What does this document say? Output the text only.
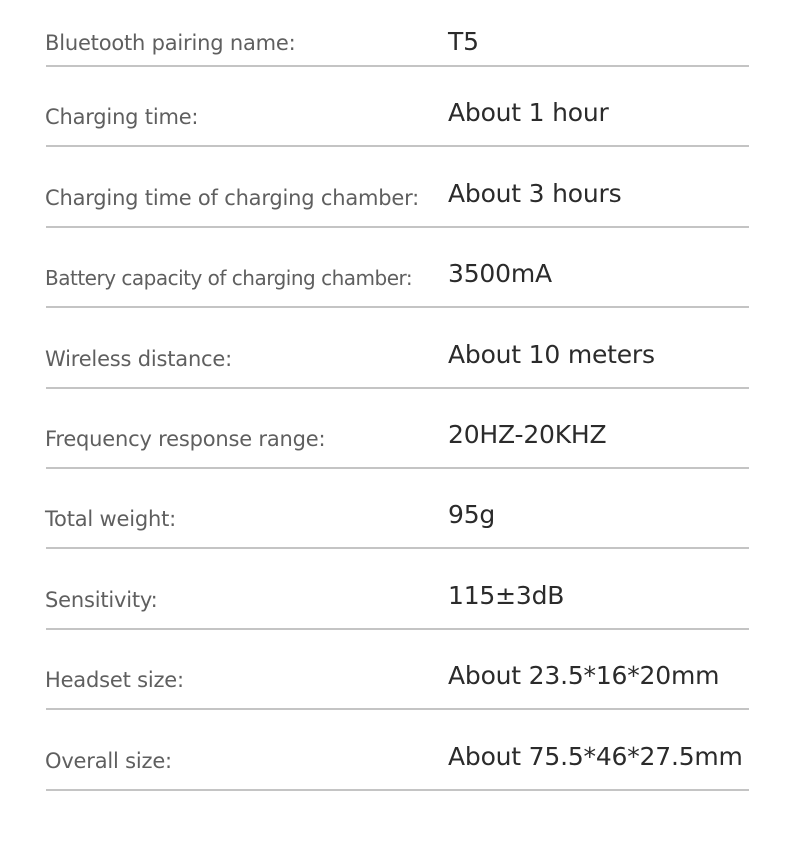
Bluetooth pairing name:	T5
Charging time:	About 1 hour
Charging time of charging chamber: About 3 hours
Battery capacity of charging chamber: 3500mA
Wireless distance:	About 10 meters
Frequency response range:	20HZ-20KHZ
Total weight:	95g
Sensitivity:	115±3dB
Headset size:	About 23.5*16*20mm
Overall size:	About 75.5*46*27.5mm
